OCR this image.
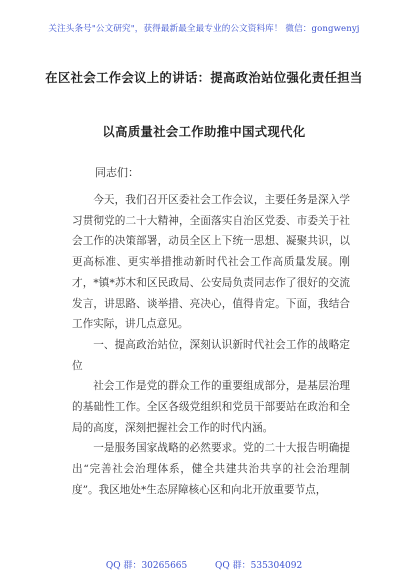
关注头条号"公文研究"，获得最新最全最专业的公文资料库！ 微信：gongwenyj
在区社会工作会议上的讲话：提高政治站位强化责任担当
以高质量社会工作助推中国式现代化
同志们：
今天，我们召开区委社会工作会议，主要任务是深入学习贯彻党的二十大精神，全面落实自治区党委、市委关于社会工作的决策部署，动员全区上下统一思想、凝聚共识，以更高标准、更实举措推动新时代社会工作高质量发展。刚才，*镇*苏木和区民政局、公安局负责同志作了很好的交流发言，讲思路、谈举措、亮决心，值得肯定。下面，我结合工作实际，讲几点意见。
一、提高政治站位，深刻认识新时代社会工作的战略定位
社会工作是党的群众工作的重要组成部分，是基层治理的基础性工作。全区各级党组织和党员干部要站在政治和全局的高度，深刻把握社会工作的时代内涵。
一是服务国家战略的必然要求。党的二十大报告明确提出“完善社会治理体系，健全共建共治共享的社会治理制度”。我区地处*生态屏障核心区和向北开放重要节点，
QQ 群：30265665	QQ 群：535304092
